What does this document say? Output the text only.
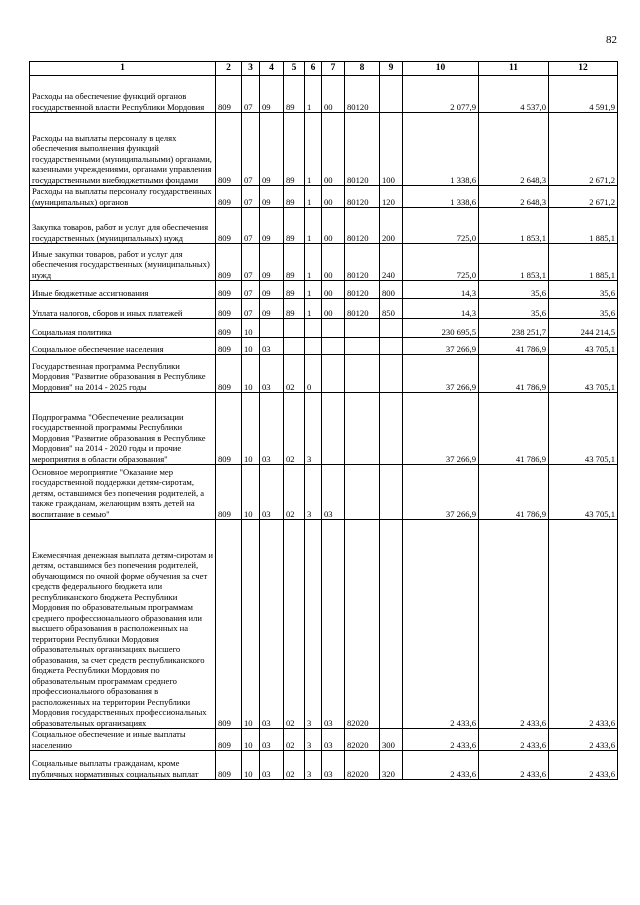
82
1	2	3	4	5	6	7	8	9	10	11	12
Расходы на обеспечение функций органов государственной власти Республики Мордовия	809	07	09	89	1	00	80120		2 077,9	4 537,0	4 591,9
Расходы на выплаты персоналу в целях обеспечения выполнения функций государственными (муниципальными) органами, казенными учреждениями, органами управления государственными внебюджетными фондами	809	07	09	89	1	00	80120	100	1 338,6	2 648,3	2 671,2
Расходы на выплаты персоналу государственных (муниципальных) органов	809	07	09	89	1	00	80120	120	1 338,6	2 648,3	2 671,2
Закупка товаров, работ и услуг для обеспечения государственных (муниципальных) нужд	809	07	09	89	1	00	80120	200	725,0	1 853,1	1 885,1
Иные закупки товаров, работ и услуг для обеспечения государственных (муниципальных) нужд	809	07	09	89	1	00	80120	240	725,0	1 853,1	1 885,1
Иные бюджетные ассигнования	809	07	09	89	1	00	80120	800	14,3	35,6	35,6
Уплата налогов, сборов и иных платежей	809	07	09	89	1	00	80120	850	14,3	35,6	35,6
Социальная политика	809	10							230 695,5	238 251,7	244 214,5
Социальное обеспечение населения	809	10	03						37 266,9	41 786,9	43 705,1
Государственная программа Республики Мордовия "Развитие образования в Республике Мордовия" на 2014 - 2025 годы	809	10	03	02	0				37 266,9	41 786,9	43 705,1
Подпрограмма "Обеспечение реализации государственной программы Республики Мордовия "Развитие образования в Республике Мордовия" на 2014 - 2020 годы и прочие мероприятия в области образования"	809	10	03	02	3				37 266,9	41 786,9	43 705,1
Основное мероприятие "Оказание мер государственной поддержки детям-сиротам, детям, оставшимся без попечения родителей, а также гражданам, желающим взять детей на воспитание в семью"	809	10	03	02	3	03			37 266,9	41 786,9	43 705,1
Ежемесячная денежная выплата детям-сиротам и детям, оставшимся без попечения родителей, обучающимся по очной форме обучения за счет средств федерального бюджета или республиканского бюджета Республики Мордовия по образовательным программам среднего профессионального образования или высшего образования в расположенных на территории Республики Мордовия образовательных организациях высшего образования, за счет средств республиканского бюджета Республики Мордовия по образовательным программам среднего профессионального образования в расположенных на территории Республики Мордовия государственных профессиональных образовательных организациях	809	10	03	02	3	03	82020		2 433,6	2 433,6	2 433,6
Социальное обеспечение и иные выплаты населению	809	10	03	02	3	03	82020	300	2 433,6	2 433,6	2 433,6
Социальные выплаты гражданам, кроме публичных нормативных социальных выплат	809	10	03	02	3	03	82020	320	2 433,6	2 433,6	2 433,6
